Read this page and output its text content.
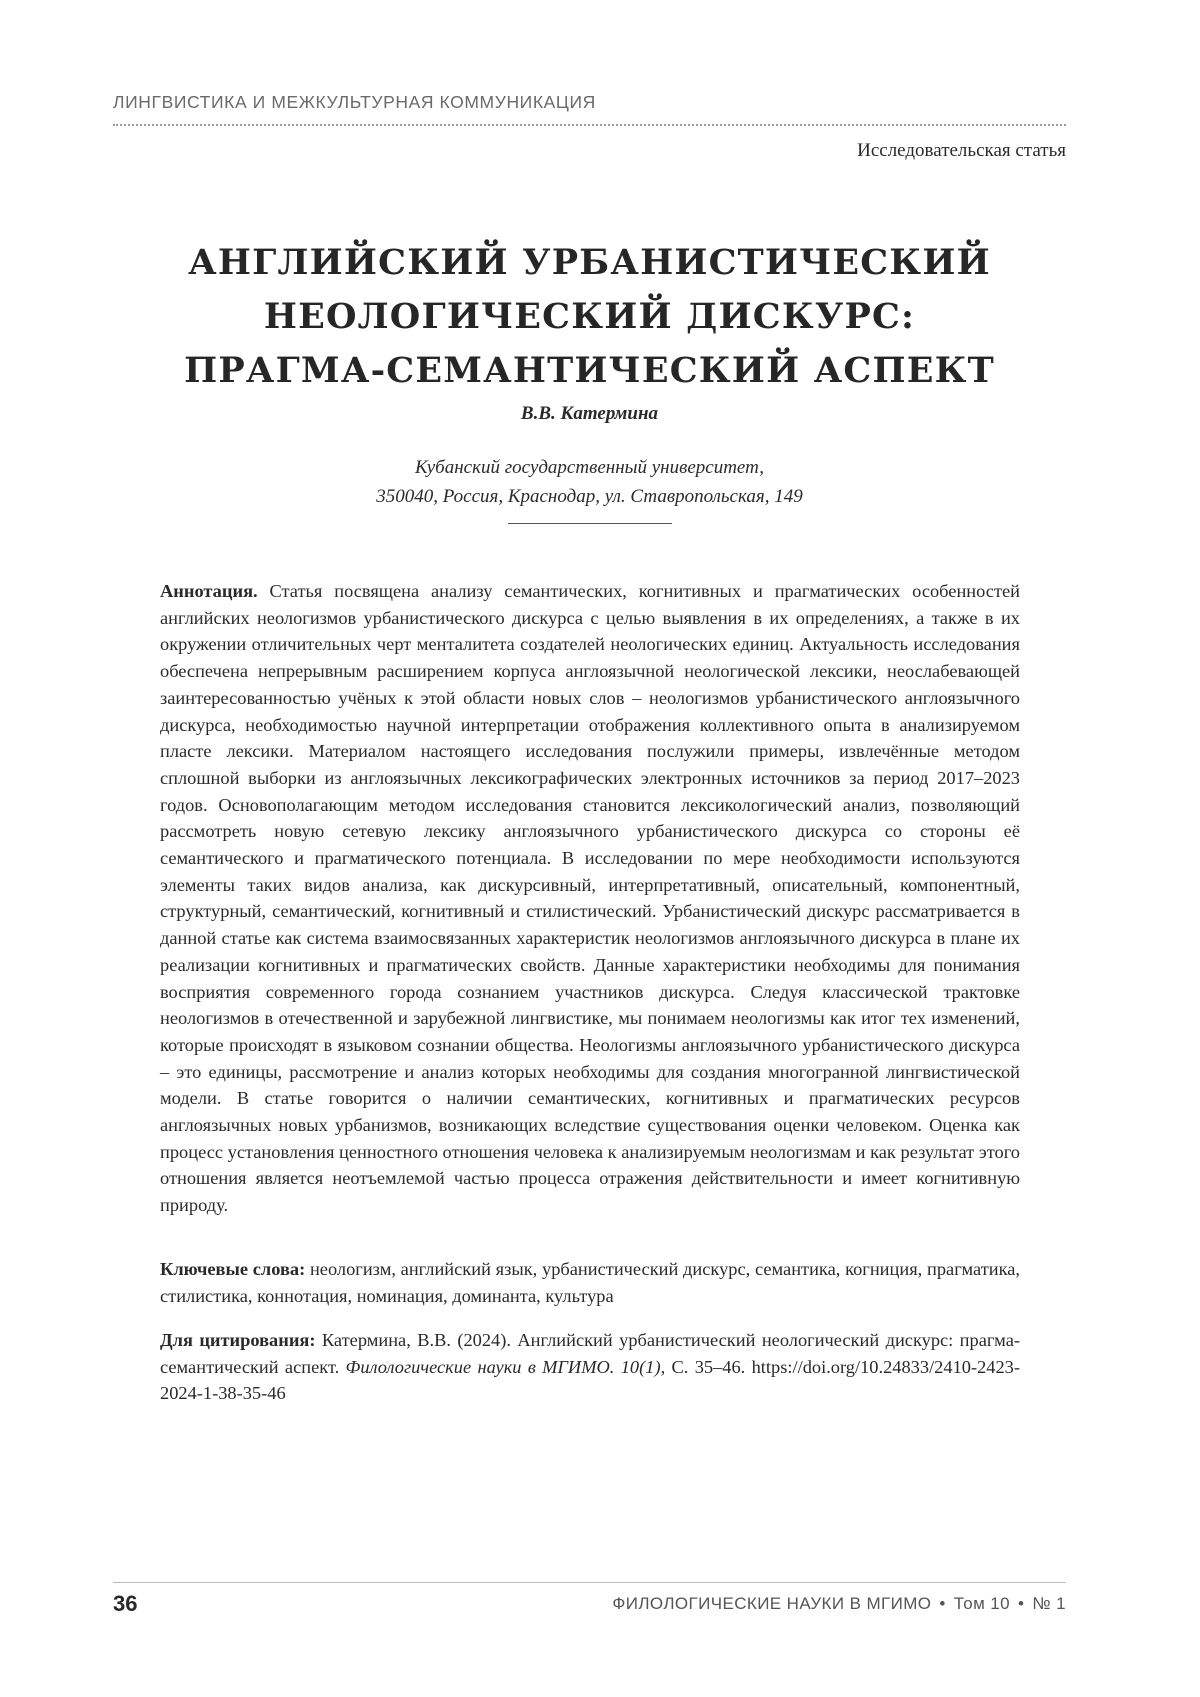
ЛИНГВИСТИКА И МЕЖКУЛЬТУРНАЯ КОММУНИКАЦИЯ
Исследовательская статья
АНГЛИЙСКИЙ УРБАНИСТИЧЕСКИЙ
НЕОЛОГИЧЕСКИЙ ДИСКУРС:
ПРАГМА-СЕМАНТИЧЕСКИЙ АСПЕКТ
В.В. Катермина
Кубанский государственный университет,
350040, Россия, Краснодар, ул. Ставропольская, 149

Аннотация. Статья посвящена анализу семантических, когнитивных и прагматических особенностей английских неологизмов урбанистического дискурса с целью выявления в их определениях, а также в их окружении отличительных черт менталитета создателей неологических единиц. Актуальность исследования обеспечена непрерывным расширением корпуса англоязычной неологической лексики, неослабевающей заинтересованностью учёных к этой области новых слов – неологизмов урбанистического англоязычного дискурса, необходимостью научной интерпретации отображения коллективного опыта в анализируемом пласте лексики. Материалом настоящего исследования послужили примеры, извлечённые методом сплошной выборки из англоязычных лексикографических электронных источников за период 2017–2023 годов. Основополагающим методом исследования становится лексикологический анализ, позволяющий рассмотреть новую сетевую лексику англоязычного урбанистического дискурса со стороны её семантического и прагматического потенциала. В исследовании по мере необходимости используются элементы таких видов анализа, как дискурсивный, интерпретативный, описательный, компонентный, структурный, семантический, когнитивный и стилистический. Урбанистический дискурс рассматривается в данной статье как система взаимосвязанных характеристик неологизмов англоязычного дискурса в плане их реализации когнитивных и прагматических свойств. Данные характеристики необходимы для понимания восприятия современного города сознанием участников дискурса. Следуя классической трактовке неологизмов в отечественной и зарубежной лингвистике, мы понимаем неологизмы как итог тех изменений, которые происходят в языковом сознании общества. Неологизмы англоязычного урбанистического дискурса – это единицы, рассмотрение и анализ которых необходимы для создания многогранной лингвистической модели. В статье говорится о наличии семантических, когнитивных и прагматических ресурсов англоязычных новых урбанизмов, возникающих вследствие существования оценки человеком. Оценка как процесс установления ценностного отношения человека к анализируемым неологизмам и как результат этого отношения является неотъемлемой частью процесса отражения действительности и имеет когнитивную природу.

Ключевые слова: неологизм, английский язык, урбанистический дискурс, семантика, когниция, прагматика, стилистика, коннотация, номинация, доминанта, культура

Для цитирования: Катермина, В.В. (2024). Английский урбанистический неологический дискурс: прагма-семантический аспект. Филологические науки в МГИМО. 10(1), С. 35–46. https://doi.org/10.24833/2410-2423-2024-1-38-35-46

36	ФИЛОЛОГИЧЕСКИЕ НАУКИ В МГИМО • Том 10 • № 1
